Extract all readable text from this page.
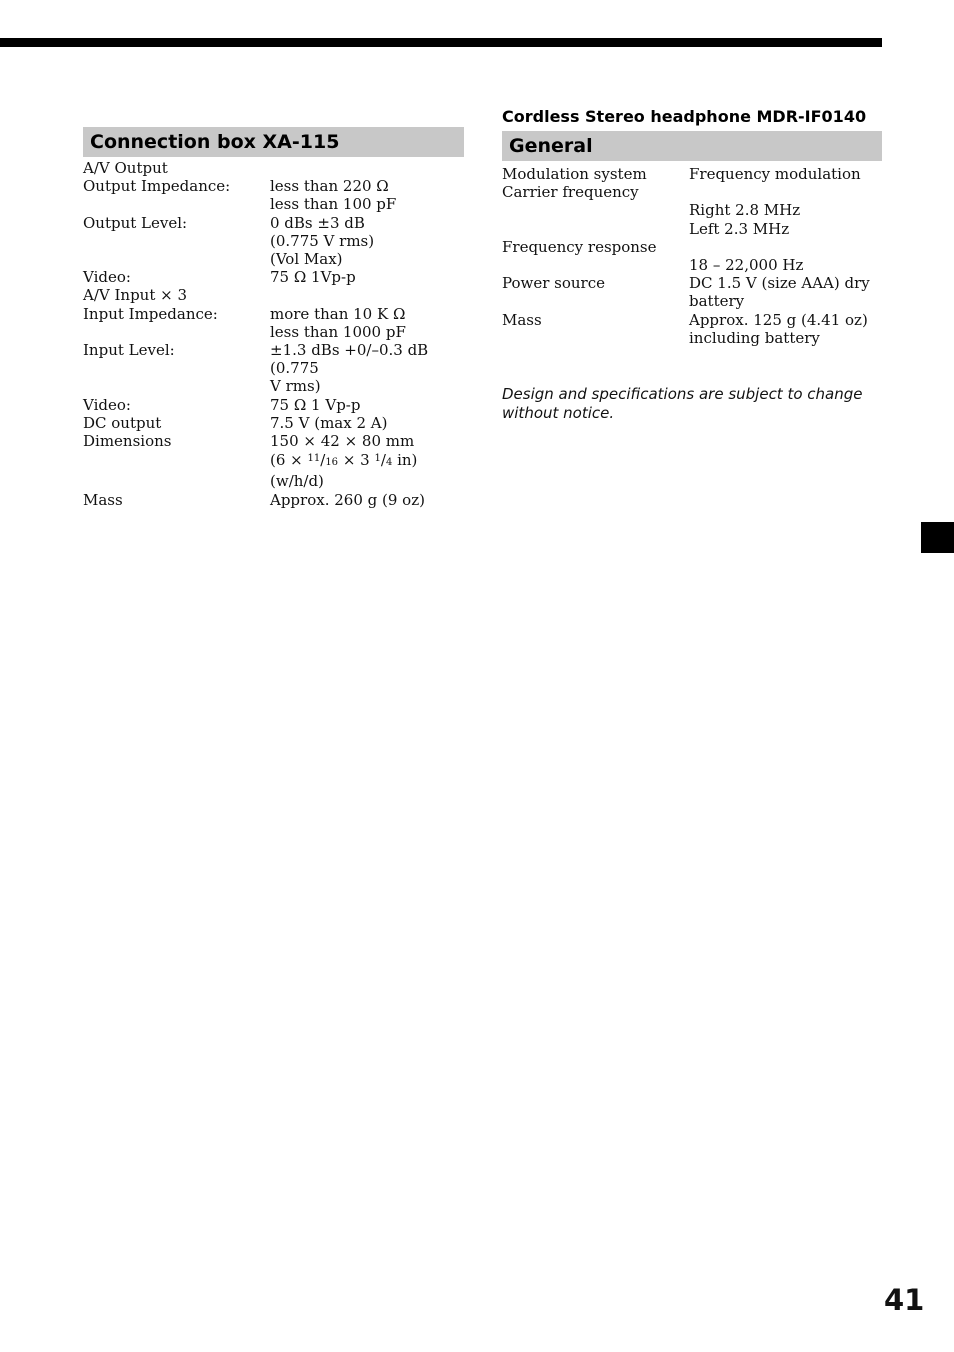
Connection box XA-115
A/V Output
Output Impedance:	less than 220 Ω
less than 100 pF
Output Level:	0 dBs ±3 dB
(0.775 V rms)
(Vol Max)
Video:	75 Ω 1Vp-p
A/V Input × 3
Input Impedance:	more than 10 K Ω
less than 1000 pF
Input Level:	±1.3 dBs +0/–0.3 dB (0.775
V rms)
Video:	75 Ω 1 Vp-p
DC output	7.5 V (max 2 A)
Dimensions	150 × 42 × 80 mm
(6 × $^{11}$/16 × 3 $^1$/4 in)
(w/h/d)
Mass	Approx. 260 g (9 oz)
Cordless Stereo headphone MDR-IF0140
General
Modulation system	Frequency modulation
Carrier frequency
Right 2.8 MHz
Left 2.3 MHz
Frequency response
18 – 22,000 Hz
Power source	DC 1.5 V (size AAA) dry
battery
Mass	Approx. 125 g (4.41 oz)
including battery
Design and specifications are subject to change without notice.
41
